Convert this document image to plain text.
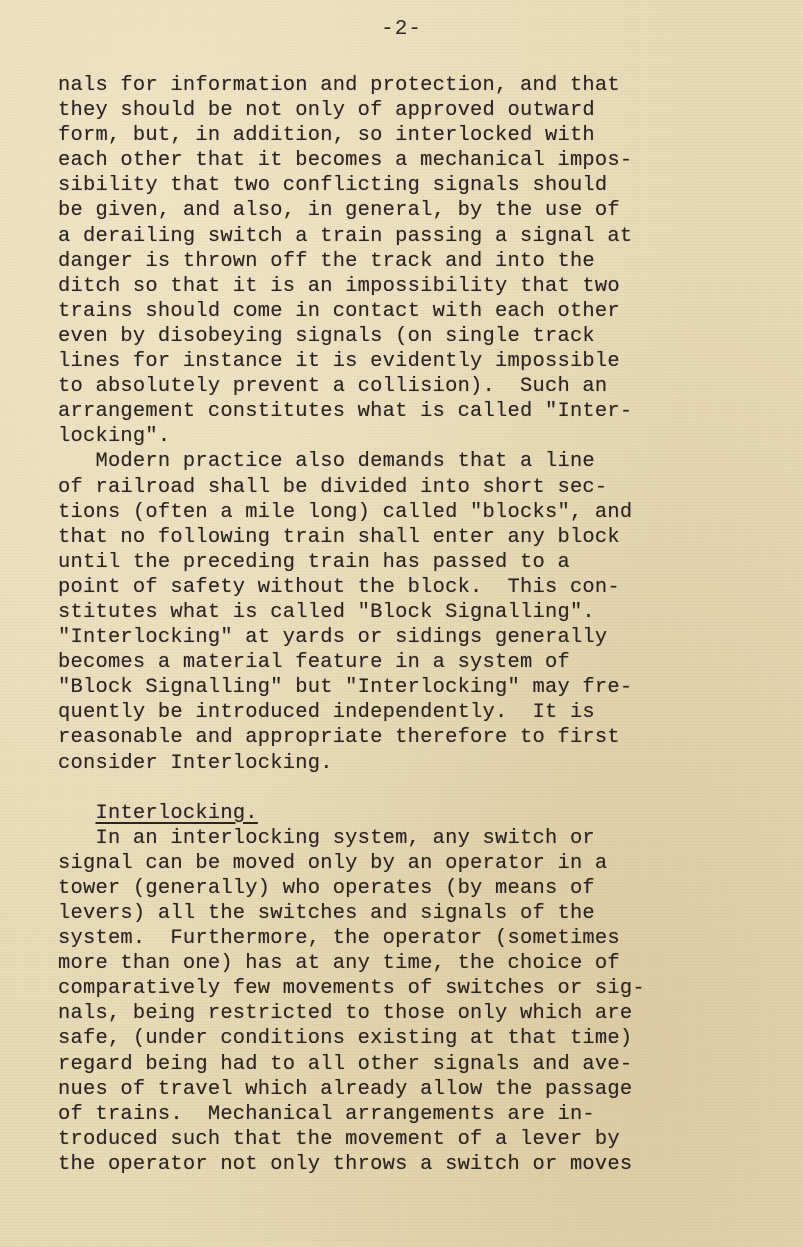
-2-
nals for information and protection, and that
they should be not only of approved outward
form, but, in addition, so interlocked with
each other that it becomes a mechanical impos-
sibility that two conflicting signals should
be given, and also, in general, by the use of
a derailing switch a train passing a signal at
danger is thrown off the track and into the
ditch so that it is an impossibility that two
trains should come in contact with each other
even by disobeying signals (on single track
lines for instance it is evidently impossible
to absolutely prevent a collision).  Such an
arrangement constitutes what is called "Inter-
locking".
Modern practice also demands that a line
of railroad shall be divided into short sec-
tions (often a mile long) called "blocks", and
that no following train shall enter any block
until the preceding train has passed to a
point of safety without the block.  This con-
stitutes what is called "Block Signalling".
"Interlocking" at yards or sidings generally
becomes a material feature in a system of
"Block Signalling" but "Interlocking" may fre-
quently be introduced independently.  It is
reasonable and appropriate therefore to first
consider Interlocking.
Interlocking.
In an interlocking system, any switch or
signal can be moved only by an operator in a
tower (generally) who operates (by means of
levers) all the switches and signals of the
system.  Furthermore, the operator (sometimes
more than one) has at any time, the choice of
comparatively few movements of switches or sig-
nals, being restricted to those only which are
safe, (under conditions existing at that time)
regard being had to all other signals and ave-
nues of travel which already allow the passage
of trains.  Mechanical arrangements are in-
troduced such that the movement of a lever by
the operator not only throws a switch or moves
